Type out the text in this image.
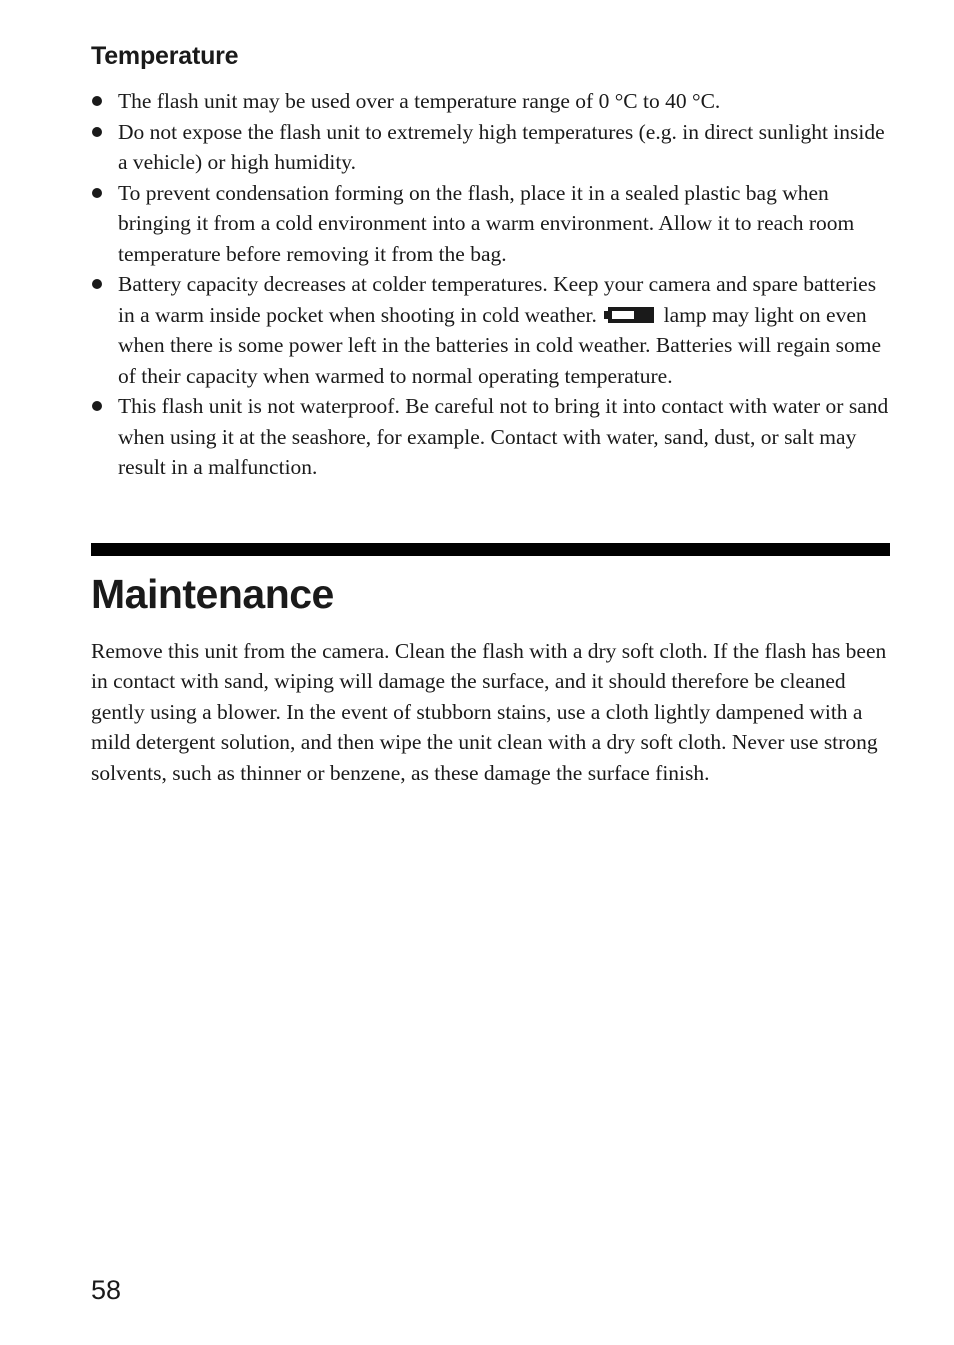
Temperature
The flash unit may be used over a temperature range of 0 °C to 40 °C.
Do not expose the flash unit to extremely high temperatures (e.g. in direct sunlight inside a vehicle) or high humidity.
To prevent condensation forming on the flash, place it in a sealed plastic bag when bringing it from a cold environment into a warm environment. Allow it to reach room temperature before removing it from the bag.
Battery capacity decreases at colder temperatures. Keep your camera and spare batteries in a warm inside pocket when shooting in cold weather.	lamp may light on even when there is some power left in the batteries in cold weather. Batteries will regain some of their capacity when warmed to normal operating temperature.
This flash unit is not waterproof. Be careful not to bring it into contact with water or sand when using it at the seashore, for example. Contact with water, sand, dust, or salt may result in a malfunction.
Maintenance

Remove this unit from the camera. Clean the flash with a dry soft cloth. If the flash has been in contact with sand, wiping will damage the surface, and it should therefore be cleaned gently using a blower. In the event of stubborn stains, use a cloth lightly dampened with a mild detergent solution, and then wipe the unit clean with a dry soft cloth. Never use strong solvents, such as thinner or benzene, as these damage the surface finish.

58
